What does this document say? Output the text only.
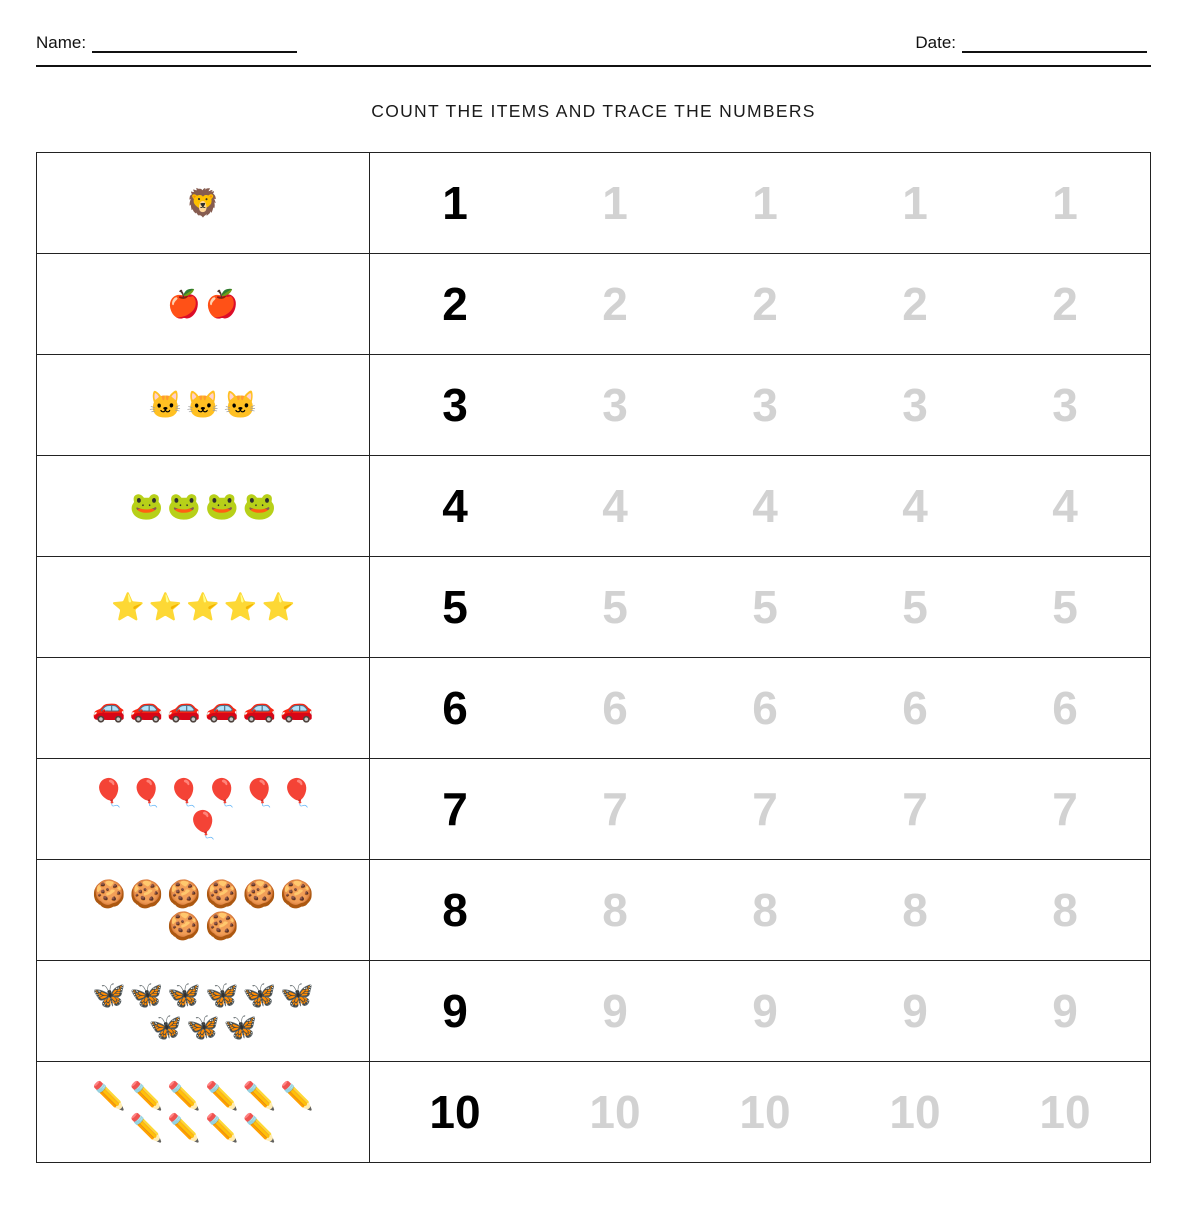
Name:	Date:
COUNT THE ITEMS AND TRACE THE NUMBERS
🦁	1	1	1	1	1
🍎 🍎	2	2	2	2	2
🐱 🐱 🐱	3	3	3	3	3
🐸 🐸 🐸 🐸	4	4	4	4	4
⭐ ⭐ ⭐ ⭐ ⭐	5	5	5	5	5
🚗 🚗 🚗 🚗 🚗 🚗	6	6	6	6	6
🎈 🎈 🎈 🎈 🎈 🎈
🎈	7	7	7	7	7
🍪 🍪 🍪 🍪 🍪 🍪
🍪 🍪	8	8	8	8	8
🦋 🦋 🦋 🦋 🦋 🦋
🦋 🦋 🦋	9	9	9	9	9
✏️ ✏️ ✏️ ✏️ ✏️ ✏️
✏️ ✏️ ✏️ ✏️	10	10	10	10	10
